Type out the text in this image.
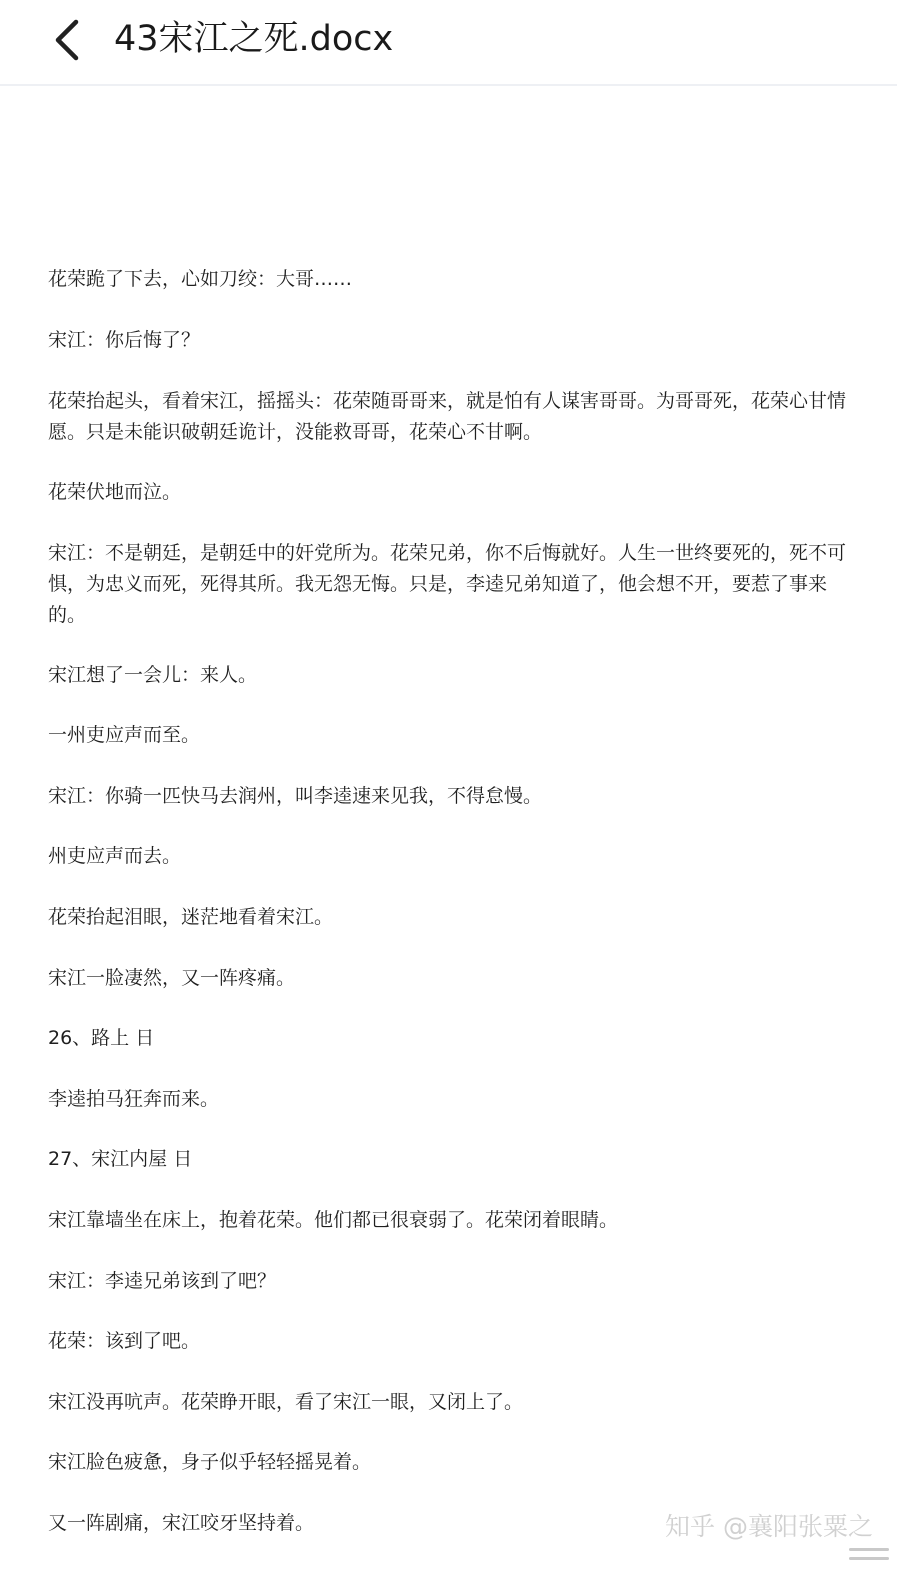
43宋江之死.docx

花荣跪了下去，心如刀绞：大哥……

宋江：你后悔了？

花荣抬起头，看着宋江，摇摇头：花荣随哥哥来，就是怕有人谋害哥哥。为哥哥死，花荣心甘情愿。只是未能识破朝廷诡计，没能救哥哥，花荣心不甘啊。

花荣伏地而泣。

宋江：不是朝廷，是朝廷中的奸党所为。花荣兄弟，你不后悔就好。人生一世终要死的，死不可惧，为忠义而死，死得其所。我无怨无悔。只是，李逵兄弟知道了，他会想不开，要惹了事来的。

宋江想了一会儿：来人。

一州吏应声而至。

宋江：你骑一匹快马去润州，叫李逵速来见我，不得怠慢。

州吏应声而去。

花荣抬起泪眼，迷茫地看着宋江。

宋江一脸凄然，又一阵疼痛。

26、路上 日

李逵拍马狂奔而来。

27、宋江内屋 日

宋江靠墙坐在床上，抱着花荣。他们都已很衰弱了。花荣闭着眼睛。

宋江：李逵兄弟该到了吧？

花荣：该到了吧。

宋江没再吭声。花荣睁开眼，看了宋江一眼，又闭上了。

宋江脸色疲惫，身子似乎轻轻摇晃着。

又一阵剧痛，宋江咬牙坚持着。	知乎 @襄阳张粟之
